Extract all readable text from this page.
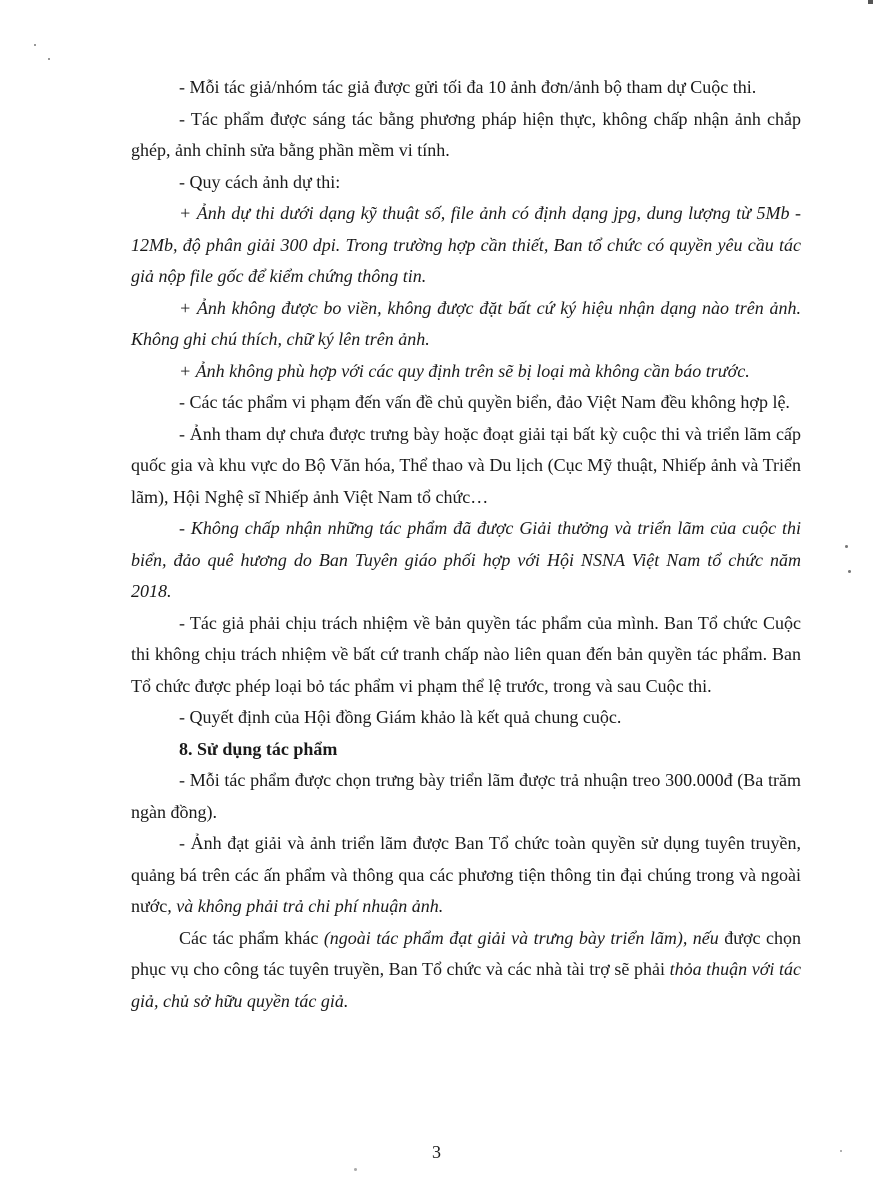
- Mỗi tác giả/nhóm tác giả được gửi tối đa 10 ảnh đơn/ảnh bộ tham dự Cuộc thi.

- Tác phẩm được sáng tác bằng phương pháp hiện thực, không chấp nhận ảnh chắp ghép, ảnh chỉnh sửa bằng phần mềm vi tính.

- Quy cách ảnh dự thi:

+ Ảnh dự thi dưới dạng kỹ thuật số, file ảnh có định dạng jpg, dung lượng từ 5Mb - 12Mb, độ phân giải 300 dpi. Trong trường hợp cần thiết, Ban tổ chức có quyền yêu cầu tác giả nộp file gốc để kiểm chứng thông tin.

+ Ảnh không được bo viền, không được đặt bất cứ ký hiệu nhận dạng nào trên ảnh. Không ghi chú thích, chữ ký lên trên ảnh.

+ Ảnh không phù hợp với các quy định trên sẽ bị loại mà không cần báo trước.

- Các tác phẩm vi phạm đến vấn đề chủ quyền biển, đảo Việt Nam đều không hợp lệ.

- Ảnh tham dự chưa được trưng bày hoặc đoạt giải tại bất kỳ cuộc thi và triển lãm cấp quốc gia và khu vực do Bộ Văn hóa, Thể thao và Du lịch (Cục Mỹ thuật, Nhiếp ảnh và Triển lãm), Hội Nghệ sĩ Nhiếp ảnh Việt Nam tổ chức…

- Không chấp nhận những tác phẩm đã được Giải thưởng và triển lãm của cuộc thi biển, đảo quê hương do Ban Tuyên giáo phối hợp với Hội NSNA Việt Nam tổ chức năm 2018.

- Tác giả phải chịu trách nhiệm về bản quyền tác phẩm của mình. Ban Tổ chức Cuộc thi không chịu trách nhiệm về bất cứ tranh chấp nào liên quan đến bản quyền tác phẩm. Ban Tổ chức được phép loại bỏ tác phẩm vi phạm thể lệ trước, trong và sau Cuộc thi.

- Quyết định của Hội đồng Giám khảo là kết quả chung cuộc.

8. Sử dụng tác phẩm

- Mỗi tác phẩm được chọn trưng bày triển lãm được trả nhuận treo 300.000đ (Ba trăm ngàn đồng).

- Ảnh đạt giải và ảnh triển lãm được Ban Tổ chức toàn quyền sử dụng tuyên truyền, quảng bá trên các ấn phẩm và thông qua các phương tiện thông tin đại chúng trong và ngoài nước, và không phải trả chi phí nhuận ảnh.

Các tác phẩm khác (ngoài tác phẩm đạt giải và trưng bày triển lãm), nếu được chọn phục vụ cho công tác tuyên truyền, Ban Tổ chức và các nhà tài trợ sẽ phải thỏa thuận với tác giả, chủ sở hữu quyền tác giả.

3
